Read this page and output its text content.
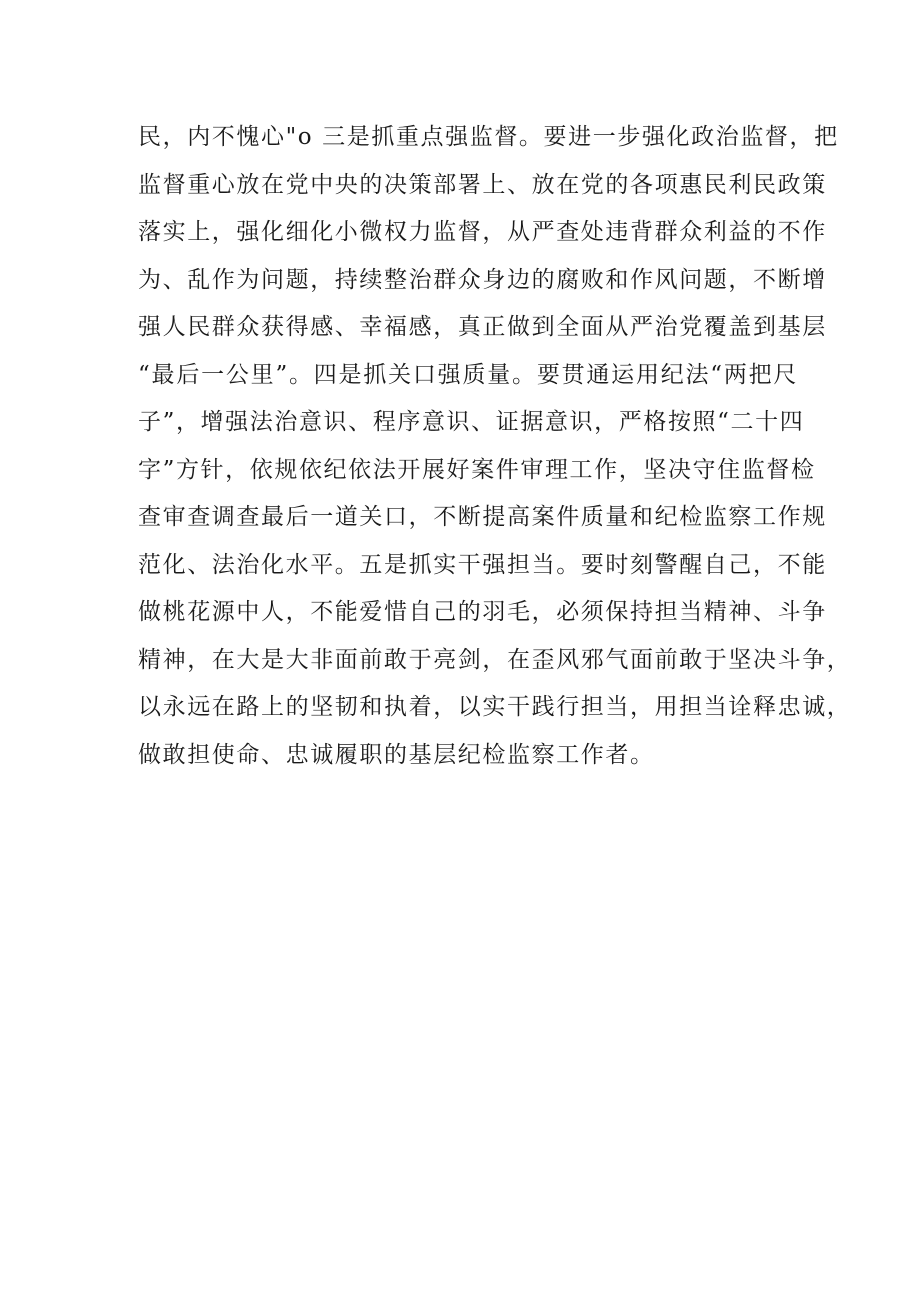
民，内不愧心"o 三是抓重点强监督。要进一步强化政治监督，把
监督重心放在党中央的决策部署上、放在党的各项惠民利民政策
落实上，强化细化小微权力监督，从严查处违背群众利益的不作
为、乱作为问题，持续整治群众身边的腐败和作风问题，不断增
强人民群众获得感、幸福感，真正做到全面从严治党覆盖到基层
“最后一公里”。四是抓关口强质量。要贯通运用纪法“两把尺
子”，增强法治意识、程序意识、证据意识，严格按照“二十四
字”方针，依规依纪依法开展好案件审理工作，坚决守住监督检
查审查调查最后一道关口，不断提高案件质量和纪检监察工作规
范化、法治化水平。五是抓实干强担当。要时刻警醒自己，不能
做桃花源中人，不能爱惜自己的羽毛，必须保持担当精神、斗争
精神，在大是大非面前敢于亮剑，在歪风邪气面前敢于坚决斗争，
以永远在路上的坚韧和执着，以实干践行担当，用担当诠释忠诚，
做敢担使命、忠诚履职的基层纪检监察工作者。
